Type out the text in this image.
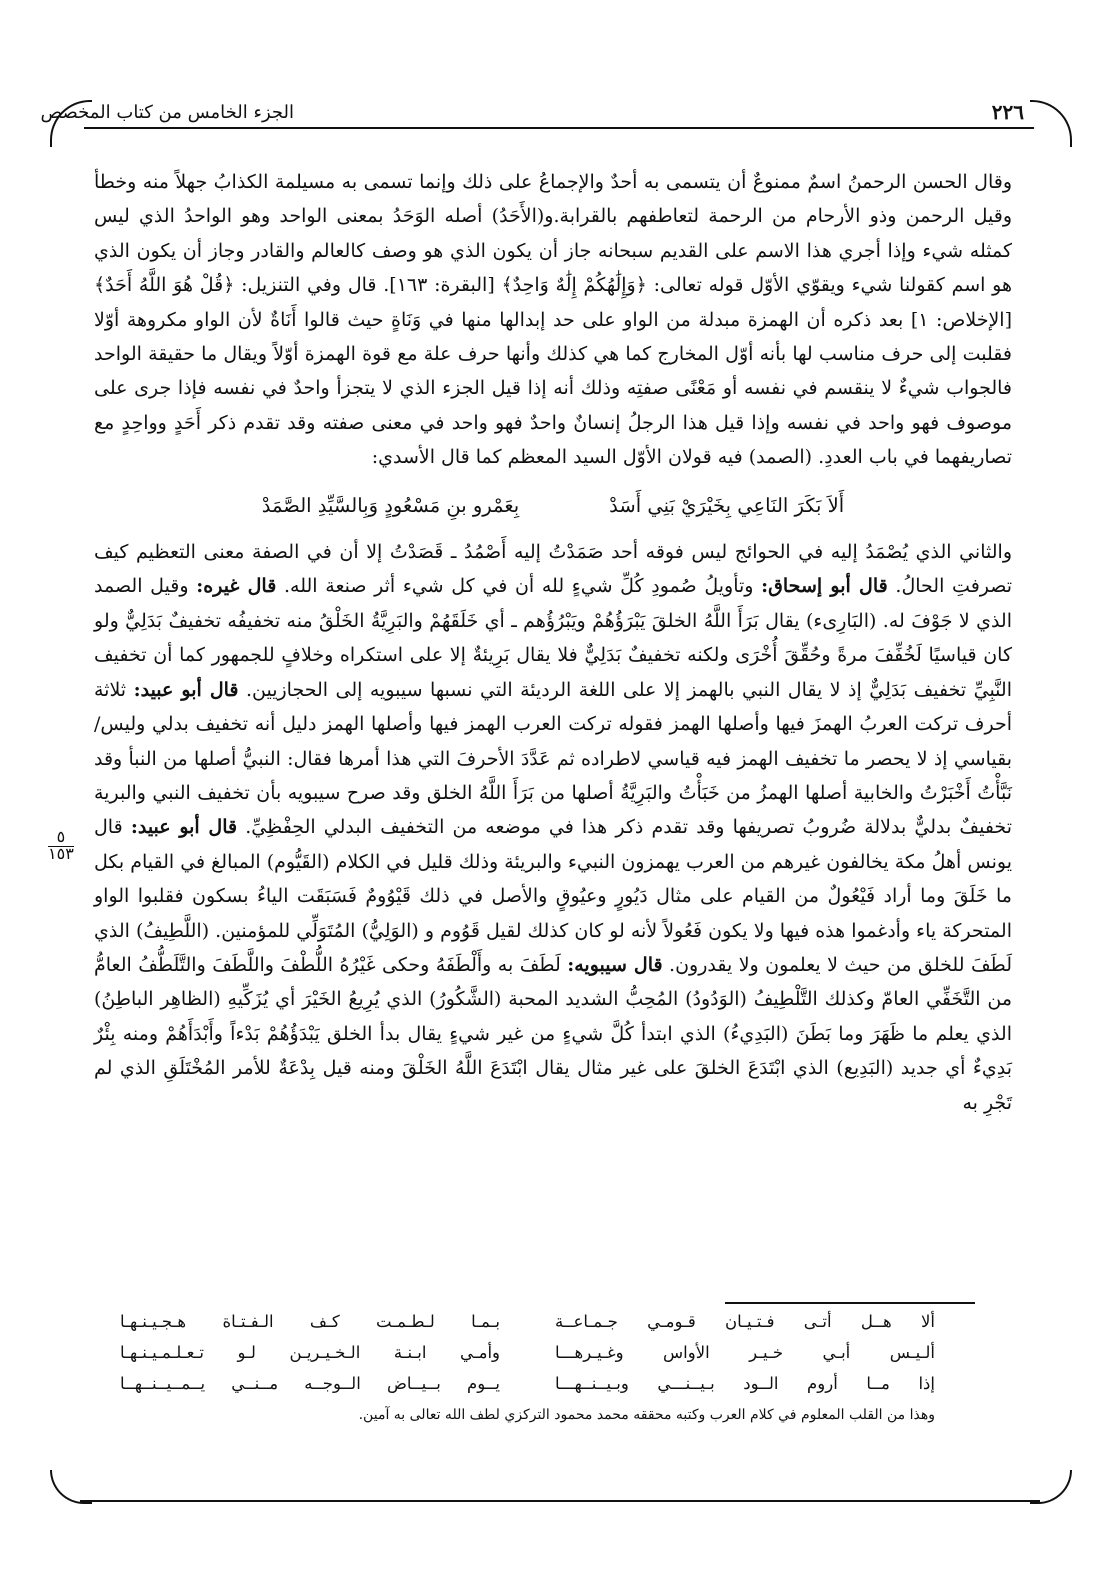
٢٢٦
الجزء الخامس من كتاب المخصص
٥
١٥٣

وقال الحسن الرحمنُ اسمٌ ممنوعٌ أن يتسمى به أحدٌ والإجماعُ على ذلك وإنما تسمى به مسيلمة الكذابُ جهلاً منه وخطأ وقيل الرحمن وذو الأرحام من الرحمة لتعاطفهم بالقرابة.و(الأَحَدُ) أصله الوَحَدُ بمعنى الواحد وهو الواحدُ الذي ليس كمثله شيء وإذا أجري هذا الاسم على القديم سبحانه جاز أن يكون الذي هو وصف كالعالم والقادر وجاز أن يكون الذي هو اسم كقولنا شيء ويقوّي الأوّل قوله تعالى: ﴿وَإِلَٰهُكُمْ إِلَٰهٌ وَاحِدٌ﴾ [البقرة: ١٦٣]. قال وفي التنزيل: ﴿قُلْ هُوَ اللَّهُ أَحَدٌ﴾ [الإخلاص: ١] بعد ذكره أن الهمزة مبدلة من الواو على حد إبدالها منها في وَنَاةٍ حيث قالوا أَنَاةٌ لأن الواو مكروهة أوّلا فقلبت إلى حرف مناسب لها بأنه أوّل المخارج كما هي كذلك وأنها حرف علة مع قوة الهمزة أوّلاً ويقال ما حقيقة الواحد فالجواب شيءٌ لا ينقسم في نفسه أو مَعْنًى صفتِه وذلك أنه إذا قيل الجزء الذي لا يتجزأ واحدٌ في نفسه فإذا جرى على موصوف فهو واحد في نفسه وإذا قيل هذا الرجلُ إنسانٌ واحدٌ فهو واحد في معنى صفته وقد تقدم ذكر أَحَدٍ وواحِدٍ مع تصاريفهما في باب العددِ. (الصمد) فيه قولان الأوّل السيد المعظم كما قال الأسدي:

أَلاَ بَكَرَ النَاعِي بِخَيْرَيْ بَنِي أَسَدْ
بِعَمْرو بنِ مَسْعُودٍ وَبِالسَّيِّدِ الصَّمَدْ

والثاني الذي يُصْمَدُ إليه في الحوائج ليس فوقه أحد صَمَدْتُ إليه أَصْمُدُ ـ قَصَدْتُ إلا أن في الصفة معنى التعظيم كيف تصرفتِ الحالُ. قال أبو إسحاق: وتأويلُ صُمودِ كُلِّ شيءٍ لله أن في كل شيء أثر صنعة الله. قال غيره: وقيل الصمد الذي لا جَوْفَ له. (البَارِىء) يقال بَرَأَ اللَّهُ الخلقَ يَبْرَؤُهُمْ ويَبْرُؤُهم ـ أي خَلَقَهُمْ والبَرِيَّةُ الخَلْقُ منه تخفيفُه تخفيفٌ بَدَلِيٌّ ولو كان قياسيًا لَخُفِّفَ مرةً وحُقِّقَ أُخْرَى ولكنه تخفيفٌ بَدَلِيٌّ فلا يقال بَرِيئةٌ إلا على استكراه وخلافٍ للجمهور كما أن تخفيف النَّبِيِّ تخفيف بَدَلِيٌّ إذ لا يقال النبي بالهمز إلا على اللغة الرديئة التي نسبها سيبويه إلى الحجازيين. قال أبو عبيد: ثلاثة أحرف تركت العربُ الهمزَ فيها وأصلها الهمز فقوله تركت العرب الهمز فيها وأصلها الهمز دليل أنه تخفيف بدلي وليس/ بقياسي إذ لا يحصر ما تخفيف الهمز فيه قياسي لاطراده ثم عَدَّدَ الأحرفَ التي هذا أمرها فقال: النبيُّ أصلها من النبأ وقد نَبَّأْتُ أَخْبَرْتُ والخابية أصلها الهمزُ من خَبَأْتُ والبَرِيَّةُ أصلها من بَرَأَ اللَّهُ الخلق وقد صرح سيبويه بأن تخفيف النبي والبرية تخفيفٌ بدليٌّ بدلالة ضُروبُ تصريفها وقد تقدم ذكر هذا في موضعه من التخفيف البدلي الحِفْظِيِّ. قال أبو عبيد: قال يونس أهلُ مكة يخالفون غيرهم من العرب يهمزون النبيء والبريئة وذلك قليل في الكلام (القَيُّوم) المبالغ في القيام بكل ما خَلَقَ وما أراد فَيْعُولٌ من القيام على مثال دَيُورٍ وعيُوقٍ والأصل في ذلك قَيْوُومٌ فَسَبَقَت الياءُ بسكون فقلبوا الواو المتحركة ياء وأدغموا هذه فيها ولا يكون فَعُولاً لأنه لو كان كذلك لقيل قَوُوم و (الوَلِيُّ) المُتَوَلِّي للمؤمنين. (اللَّطِيفُ) الذي لَطَفَ للخلق من حيث لا يعلمون ولا يقدرون. قال سيبويه: لَطَفَ به وأَلْطَفَهُ وحكى غَيْرُهُ اللُّطْفَ واللَّطَفَ والتَّلَطُّفُ العامُّ من التَّخَفِّي العامّ وكذلك التَّلْطِيفُ (الوَدُودُ) المُحِبُّ الشديد المحبة (الشَّكُورُ) الذي يُرِيعُ الخَيْرَ أي يُزَكِّيهِ (الظاهِر الباطِنُ) الذي يعلم ما ظَهَرَ وما بَطَنَ (البَدِيءُ) الذي ابتدأ كُلَّ شيءٍ من غير شيءٍ يقال بدأ الخلق يَبْدَؤُهُمْ بَدْءاً وأَبْدَأَهُمْ ومنه بِئْرٌ بَدِيءٌ أي جديد (البَدِيع) الذي ابْتَدَعَ الخلقَ على غير مثال يقال ابْتَدَعَ اللَّهُ الخَلْقَ ومنه قيل بِدْعَةٌ للأمر المُخْتَلَقِ الذي لم تَجْرِ به

ألا هــل أتـى فـتـيـان قـومـي جـمـاعــة
بـمـا لـطـمـت كـف الـفـتـاة هـجـيـنـهـا
ألـيـس أبـي خـيـر الأواس وغـيـرهـــا
وأمـي ابـنـة الـخـيـريـن لـو تـعـلـمـيـنـهـا
إذا مــا أروم الــود بـيــنـــي وبـيــنــهـــا
يــوم بــيــاض الــوجــه مــنــي يــمــيــنــهــا
وهذا من القلب المعلوم في كلام العرب وكتبه محققه محمد محمود التركزي لطف الله تعالى به آمين.
